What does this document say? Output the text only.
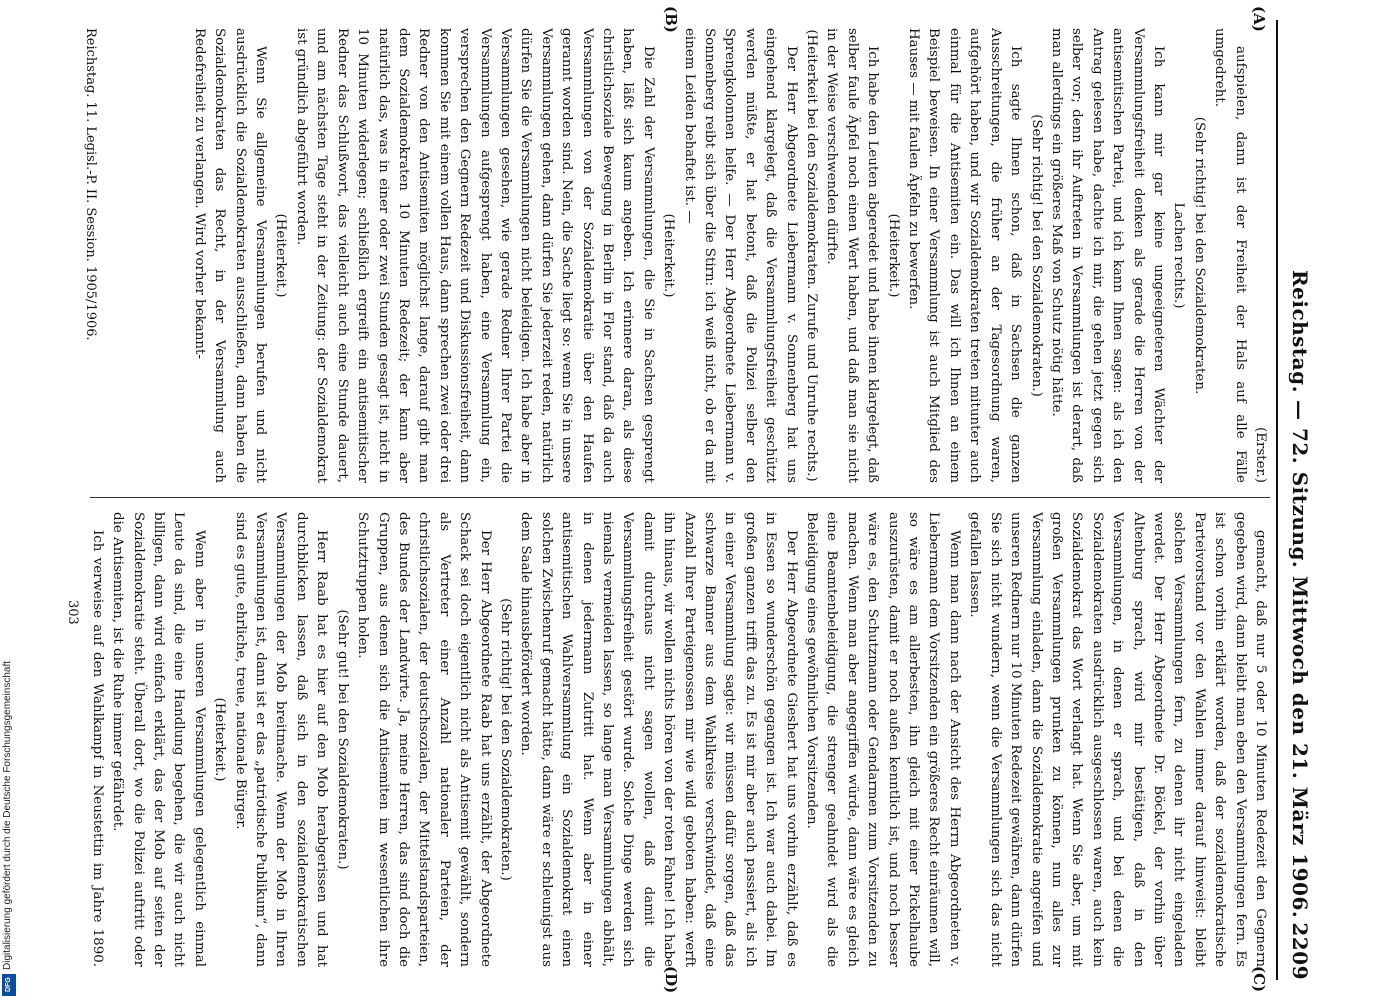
Digitalisierung gefördert durch die Deutsche Forschungsgemeinschaft
DFG
Reichstag.
— 72. Sitzung. Mittwoch den 21. März 1906.
2209
(A)
(B)
(C)
(D)

(Erster.)

aufspielen, dann ist der Freiheit der Hals auf alle Fälle umgedreht.

(Sehr richtig! bei den Sozialdemokraten.

Lachen rechts.)

Ich kann mir gar keine ungeeigneteren Wächter der Versammlungsfreiheit denken als gerade die Herren von der antisemitischen Partei, und ich kann Ihnen sagen: als ich den Antrag gelesen habe, dachte ich mir, die gehen jetzt gegen sich selber vor; denn ihr Auftreten in Versammlungen ist derart, daß man allerdings ein größeres Maß von Schutz nötig hätte.

(Sehr richtig! bei den Sozialdemokraten.)

Ich sagte Ihnen schon, daß in Sachsen die ganzen Ausschreitungen, die früher an der Tagesordnung waren, aufgehört haben, und wir Sozialdemokraten treten mitunter auch einmal für die Antisemiten ein. Das will ich Ihnen an einem Beispiel beweisen. In einer Versammlung ist auch Mitglied des Hauses — mit faulen Äpfeln zu bewerfen.

(Heiterkeit.)

Ich habe den Leuten abgeredet und habe ihnen klargelegt, daß selber faule Äpfel noch einen Wert haben, und daß man sie nicht in der Weise verschwenden dürfte.

(Heiterkeit bei den Sozialdemokraten. Zurufe und Unruhe rechts.)

Der Herr Abgeordnete Liebermann v. Sonnenberg hat uns eingehend klargelegt, daß die Versammlungsfreiheit geschützt werden müßte, er hat betont, daß die Polizei selber den Sprengkolonnen helfe. — Der Herr Abgeordnete Liebermann v. Sonnenberg reibt sich über die Stirn: ich weiß nicht, ob er da mit einem Leiden behaftet ist. —

(Heiterkeit.)

Die Zahl der Versammlungen, die Sie in Sachsen gesprengt haben, läßt sich kaum angeben. Ich erinnere daran, als diese christlichsoziale Bewegung in Berlin in Flor stand, daß da auch Versammlungen von der Sozialdemokratie über den Haufen gerannt worden sind. Nein, die Sache liegt so: wenn Sie in unsere Versammlungen gehen, dann dürfen Sie jederzeit reden, natürlich dürfen Sie die Versammlungen nicht beleidigen. Ich habe aber in Versammlungen gesehen, wie gerade Redner Ihrer Partei die Versammlungen aufgesprengt haben, eine Versammlung ein, versprechen den Gegnern Redezeit und Diskussionsfreiheit, dann kommen Sie mit einem vollen Haus, dann sprechen zwei oder drei Redner von den Antisemiten möglichst lange, darauf gibt man dem Sozialdemokraten 10 Minuten Redezeit; der kann aber natürlich das, was in einer oder zwei Stunden gesagt ist, nicht in 10 Minuten widerlegen; schließlich ergreift ein antisemitischer Redner das Schlußwort, das vielleicht auch eine Stunde dauert, und am nächsten Tage steht in der Zeitung: der Sozialdemokrat ist gründlich abgeführt worden.

(Heiterkeit.)

Wenn Sie allgemeine Versammlungen berufen und nicht ausdrücklich die Sozialdemokraten ausschließen, dann haben die Sozialdemokraten das Recht, in der Versammlung auch Redefreiheit zu verlangen. Wird vorher bekannt-

gemacht, daß nur 5 oder 10 Minuten Redezeit den Gegnern gegeben wird, dann bleibt man eben den Versammlungen fern. Es ist schon vorhin erklärt worden, daß der sozialdemokratische Parteivorstand vor den Wahlen immer darauf hinweist: bleibt solchen Versammlungen fern, zu denen ihr nicht eingeladen werdet. Der Herr Abgeordnete Dr. Böckel, der vorhin über Altenburg sprach, wird mir bestätigen, daß in den Versammlungen, in denen er sprach, und bei denen die Sozialdemokraten ausdrücklich ausgeschlossen waren, auch kein Sozialdemokrat das Wort verlangt hat. Wenn Sie aber, um mit großen Versammlungen prunken zu können, nun alles zur Versammlung einladen, dann die Sozialdemokratie angreifen und unseren Rednern nur 10 Minuten Redezeit gewähren, dann dürfen Sie sich nicht wundern, wenn die Versammlungen sich das nicht gefallen lassen.

Wenn man dann nach der Ansicht des Herrn Abgeordneten v. Liebermann dem Vorsitzenden ein größeres Recht einräumen will, so wäre es am allerbesten, ihn gleich mit einer Pickelhaube auszurüsten, damit er noch außen kenntlich ist, und noch besser wäre es, den Schutzmann oder Gendarmen zum Vorsitzenden zu machen. Wenn man aber angegriffen würde, dann wäre es gleich eine Beamtenbeleidigung, die strenger geahndet wird als die Beleidigung eines gewöhnlichen Vorsitzenden.

Der Herr Abgeordnete Gieshert hat uns vorhin erzählt, daß es in Essen so wunderschön gegangen ist. Ich war auch dabei. Im großen ganzen trifft das zu. Es ist mir aber auch passiert, als ich in einer Versammlung sagte: wir müssen dafür sorgen, daß das schwarze Banner aus dem Wahlkreise verschwindet, daß eine Anzahl Ihrer Parteigenossen mir wie wild geboten haben: werft ihn hinaus, wir wollen nichts hören von der roten Fahne! Ich habe damit durchaus nicht sagen wollen, daß damit die Versammlungsfreiheit gestört wurde. Solche Dinge werden sich niemals vermeiden lassen, so lange man Versammlungen abhält, in denen jedermann Zutritt hat. Wenn aber in einer antisemitischen Wahlversammlung ein Sozialdemokrat einen solchen Zwischenruf gemacht hätte, dann wäre er schleunigst aus dem Saale hinausbefördert worden.

(Sehr richtig! bei den Sozialdemokraten.)

Der Herr Abgeordnete Raab hat uns erzählt, der Abgeordnete Schack sei doch eigentlich nicht als Antisemit gewählt, sondern als Vertreter einer Anzahl nationaler Parteien, der christlichsozialen, der deutschsozialen, der Mittelstandsparteien, des Bundes der Landwirte. Ja, meine Herren, das sind doch die Gruppen, aus denen sich die Antisemiten im wesentlichen ihre Schutztruppen holen.

(Sehr gut! bei den Sozialdemokraten.)

Herr Raab hat es hier auf den Mob herabgerissen und hat durchblicken lassen, daß sich in den sozialdemokratischen Versammlungen der Mob breitmache. Wenn der Mob in Ihren Versammlungen ist, dann ist er das „patriotische Publikum“, dann sind es gute, ehrliche, treue, nationale Bürger.

(Heiterkeit.)

Wenn aber in unseren Versammlungen gelegentlich einmal Leute da sind, die eine Handlung begehen, die wir auch nicht billigen, dann wird einfach erklärt, das der Mob auf seiten der Sozialdemokratie steht. Überall dort, wo die Polizei auftritt oder die Antisemiten, ist die Ruhe immer gefährdet.

Ich verweise auf den Wahlkampf in Neustettin im Jahre 1890.

Reichstag. 11. Legisl.-P. II. Session. 1905/1906.
303
